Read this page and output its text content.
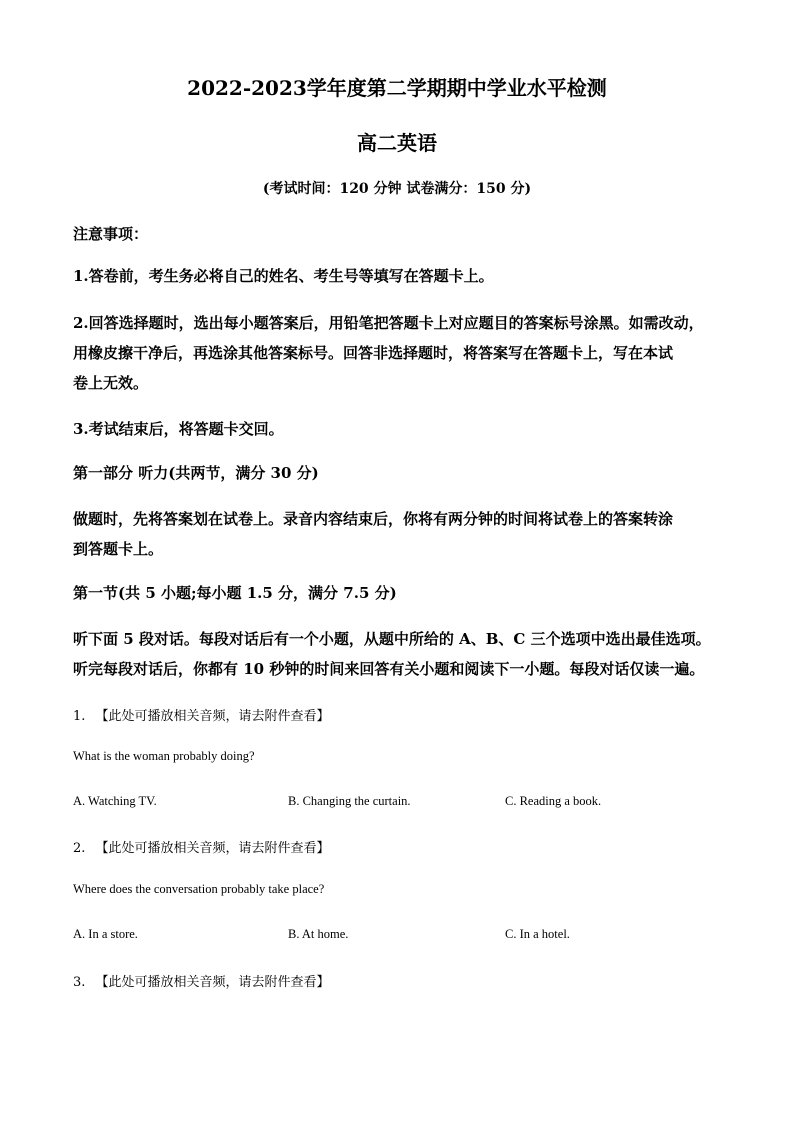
2022-2023学年度第二学期期中学业水平检测
高二英语
(考试时间：120 分钟 试卷满分：150 分)
注意事项：
1.答卷前，考生务必将自己的姓名、考生号等填写在答题卡上。
2.回答选择题时，选出每小题答案后，用铅笔把答题卡上对应题目的答案标号涂黑。如需改动，
用橡皮擦干净后，再选涂其他答案标号。回答非选择题时，将答案写在答题卡上，写在本试
卷上无效。
3.考试结束后，将答题卡交回。
第一部分 听力(共两节，满分 30 分)
做题时，先将答案划在试卷上。录音内容结束后，你将有两分钟的时间将试卷上的答案转涂
到答题卡上。
第一节(共 5 小题;每小题 1.5 分，满分 7.5 分)
听下面 5 段对话。每段对话后有一个小题，从题中所给的 A、B、C 三个选项中选出最佳选项。
听完每段对话后，你都有 10 秒钟的时间来回答有关小题和阅读下一小题。每段对话仅读一遍。
1. 【此处可播放相关音频，请去附件查看】
What is the woman probably doing?
A. Watching TV.	B. Changing the curtain.	C. Reading a book.
2. 【此处可播放相关音频，请去附件查看】
Where does the conversation probably take place?
A. In a store.	B. At home.	C. In a hotel.
3. 【此处可播放相关音频，请去附件查看】
